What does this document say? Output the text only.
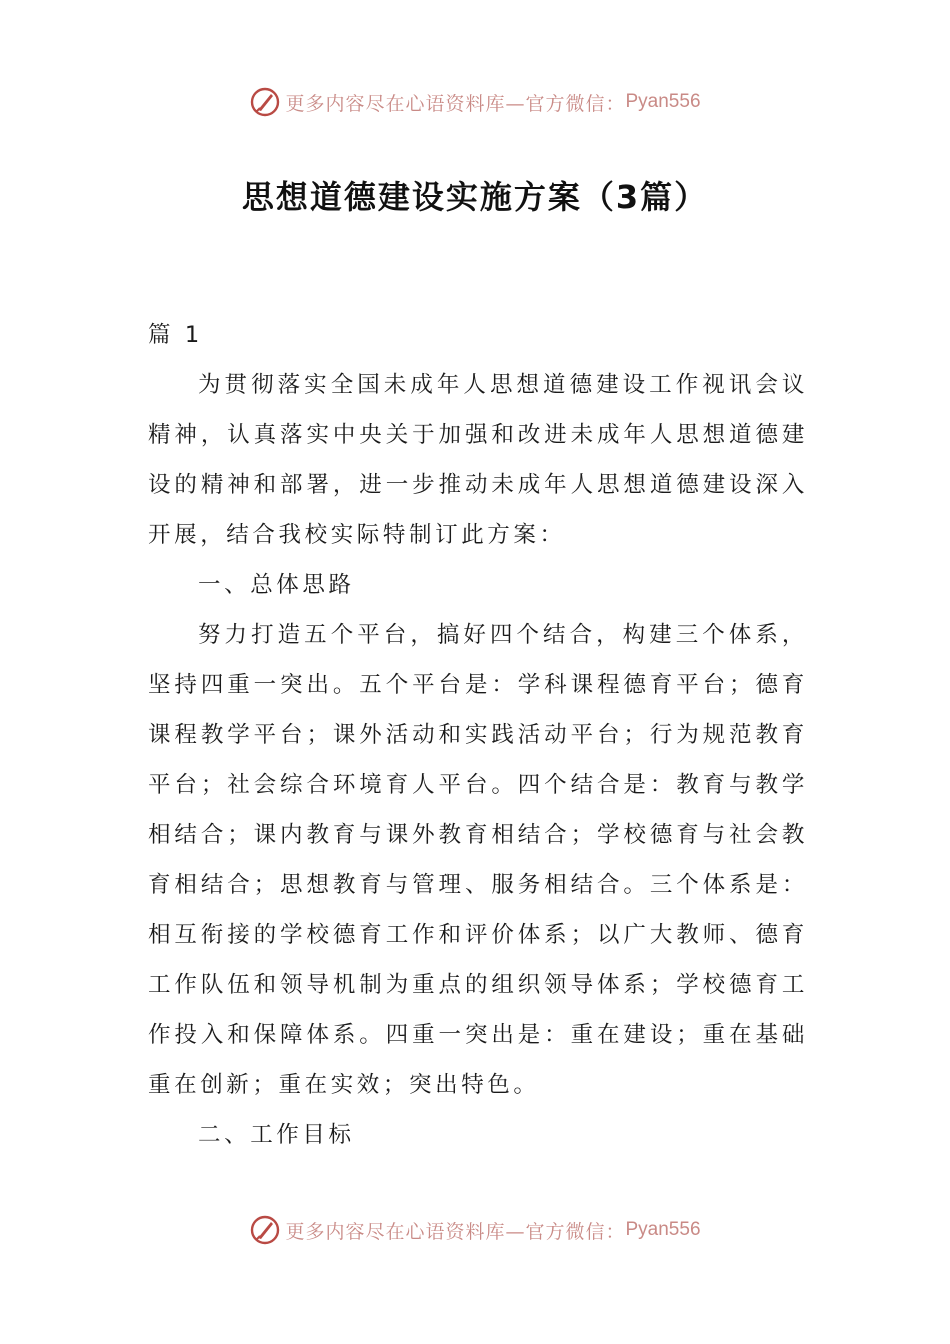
更多内容尽在心语资料库—官方微信： Pyan556
思想道德建设实施方案（3篇）

篇 1

为贯彻落实全国未成年人思想道德建设工作视讯会议精神，认真落实中央关于加强和改进未成年人思想道德建设的精神和部署，进一步推动未成年人思想道德建设深入开展，结合我校实际特制订此方案：

一、总体思路

努力打造五个平台，搞好四个结合，构建三个体系，坚持四重一突出。五个平台是：学科课程德育平台；德育课程教学平台；课外活动和实践活动平台；行为规范教育平台；社会综合环境育人平台。四个结合是：教育与教学相结合；课内教育与课外教育相结合；学校德育与社会教育相结合；思想教育与管理、服务相结合。三个体系是：相互衔接的学校德育工作和评价体系；以广大教师、德育工作队伍和领导机制为重点的组织领导体系；学校德育工作投入和保障体系。四重一突出是：重在建设；重在基础重在创新；重在实效；突出特色。

二、工作目标

更多内容尽在心语资料库—官方微信： Pyan556
